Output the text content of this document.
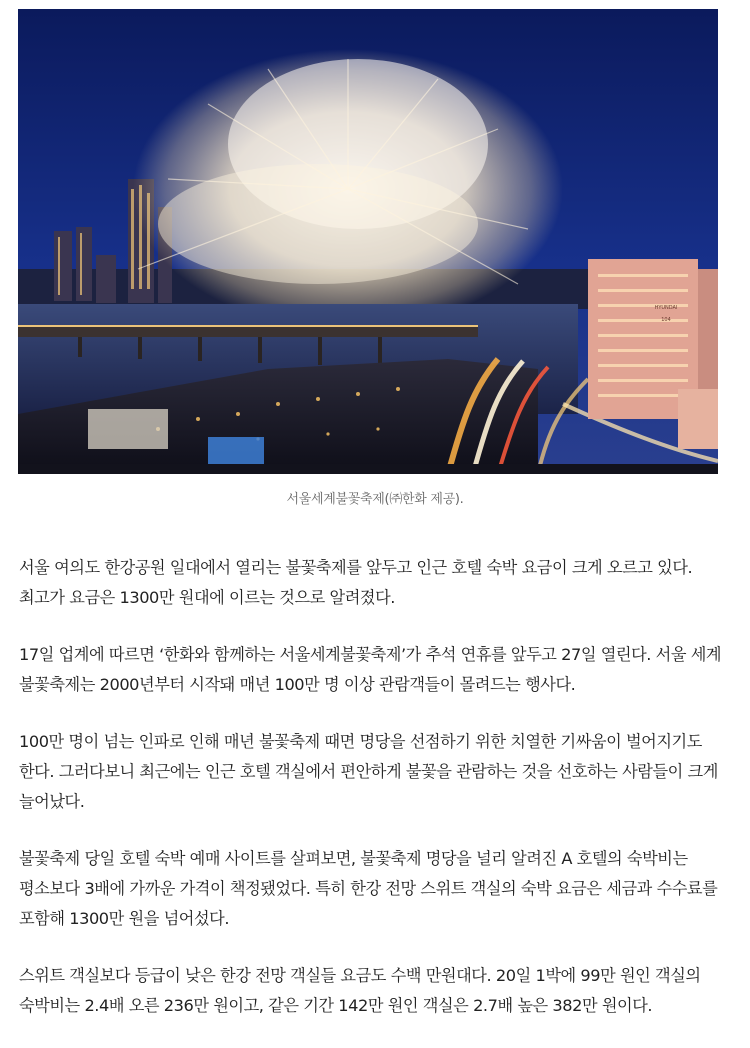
HYUNDAI
104
서울세계불꽃축제(㈜한화 제공).

서울 여의도 한강공원 일대에서 열리는 불꽃축제를 앞두고 인근 호텔 숙박 요금이 크게 오르고 있다. 최고가 요금은 1300만 원대에 이르는 것으로 알려졌다.

17일 업계에 따르면 ‘한화와 함께하는 서울세계불꽃축제’가 추석 연휴를 앞두고 27일 열린다. 서울 세계 불꽃축제는 2000년부터 시작돼 매년 100만 명 이상 관람객들이 몰려드는 행사다.

100만 명이 넘는 인파로 인해 매년 불꽃축제 때면 명당을 선점하기 위한 치열한 기싸움이 벌어지기도 한다. 그러다보니 최근에는 인근 호텔 객실에서 편안하게 불꽃을 관람하는 것을 선호하는 사람들이 크게 늘어났다.

불꽃축제 당일 호텔 숙박 예매 사이트를 살펴보면, 불꽃축제 명당을 널리 알려진 A 호텔의 숙박비는 평소보다 3배에 가까운 가격이 책정됐었다. 특히 한강 전망 스위트 객실의 숙박 요금은 세금과 수수료를 포함해 1300만 원을 넘어섰다.

스위트 객실보다 등급이 낮은 한강 전망 객실들 요금도 수백 만원대다. 20일 1박에 99만 원인 객실의 숙박비는 2.4배 오른 236만 원이고, 같은 기간 142만 원인 객실은 2.7배 높은 382만 원이다.
